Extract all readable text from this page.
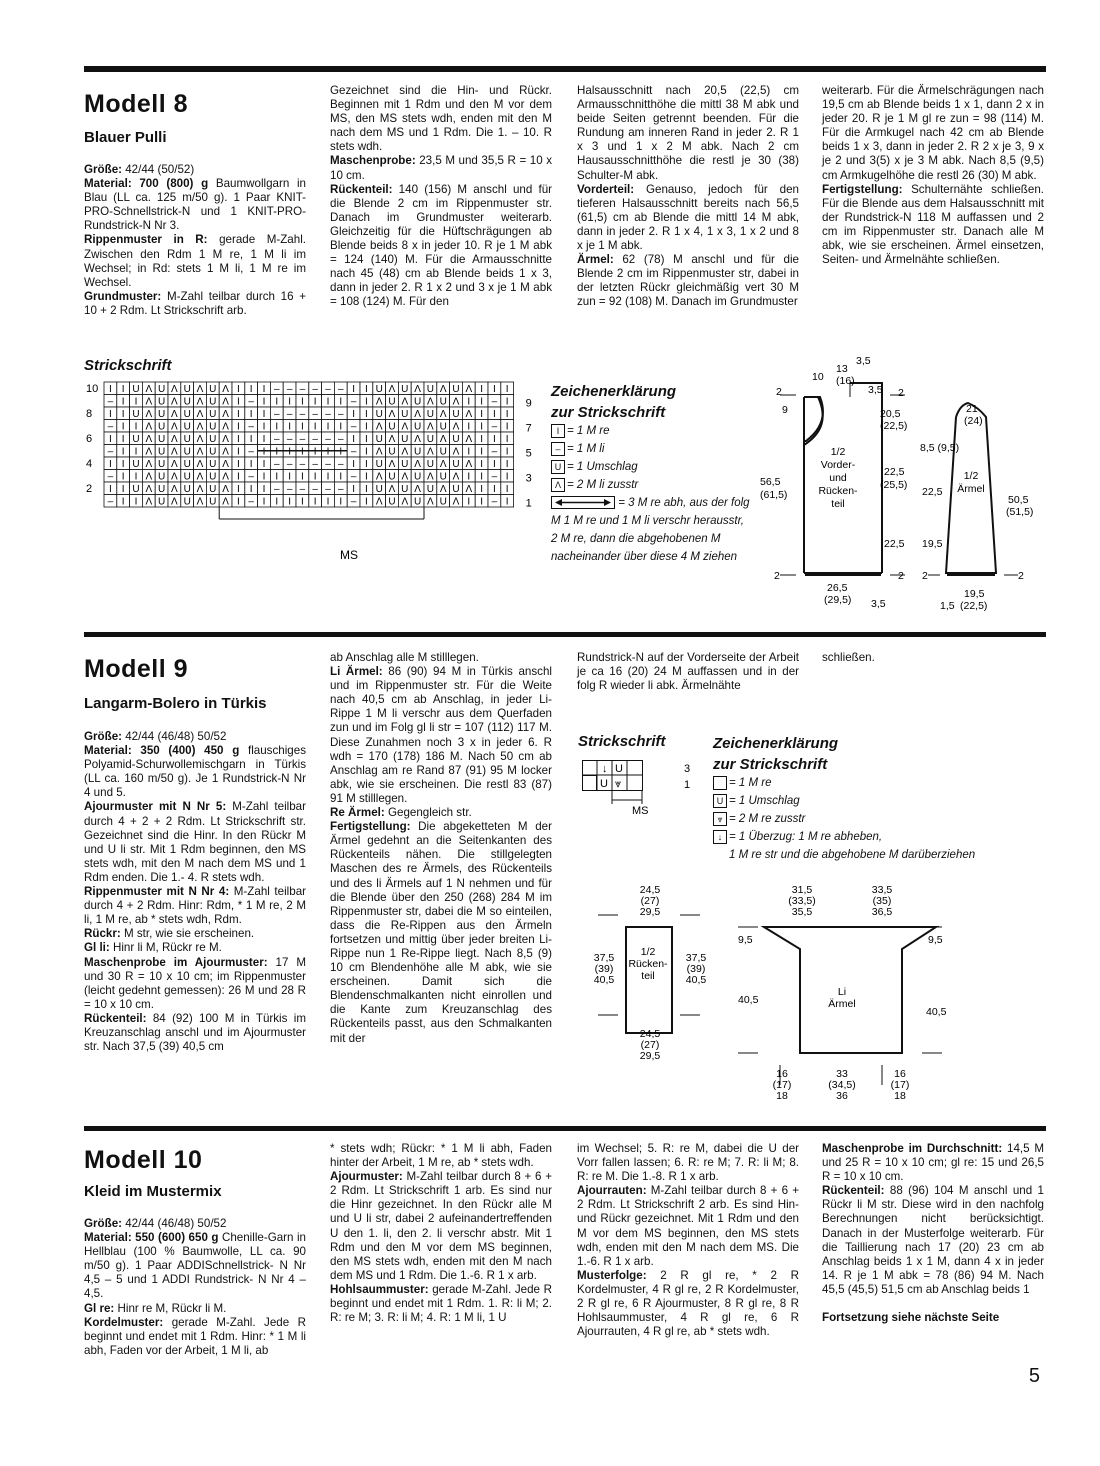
Modell 8
Blauer Pulli

Größe: 42/44 (50/52)

Material: 700 (800) g Baumwollgarn in Blau (LL ca. 125 m/50 g). 1 Paar KNIT-PRO-Schnellstrick-N und 1 KNIT-PRO-Rundstrick-N Nr 3.

Rippenmuster in R: gerade M-Zahl. Zwischen den Rdm 1 M re, 1 M li im Wechsel; in Rd: stets 1 M li, 1 M re im Wechsel.

Grundmuster: M-Zahl teilbar durch 16 + 10 + 2 Rdm. Lt Strickschrift arb.

Gezeichnet sind die Hin- und Rückr. Beginnen mit 1 Rdm und den M vor dem MS, den MS stets wdh, enden mit den M nach dem MS und 1 Rdm. Die 1. – 10. R stets wdh.

Maschenprobe: 23,5 M und 35,5 R = 10 x 10 cm.

Rückenteil: 140 (156) M anschl und für die Blende 2 cm im Rippenmuster str. Danach im Grundmuster weiterarb. Gleichzeitig für die Hüftschrägungen ab Blende beids 8 x in jeder 10. R je 1 M abk = 124 (140) M. Für die Armausschnitte nach 45 (48) cm ab Blende beids 1 x 3, dann in jeder 2. R 1 x 2 und 3 x je 1 M abk = 108 (124) M. Für den

Halsausschnitt nach 20,5 (22,5) cm Armausschnitthöhe die mittl 38 M abk und beide Seiten getrennt beenden. Für die Rundung am inneren Rand in jeder 2. R 1 x 3 und 1 x 2 M abk. Nach 2 cm Hausausschnitthöhe die restl je 30 (38) Schulter-M abk.

Vorderteil: Genauso, jedoch für den tieferen Halsausschnitt bereits nach 56,5 (61,5) cm ab Blende die mittl 14 M abk, dann in jeder 2. R 1 x 4, 1 x 3, 1 x 2 und 8 x je 1 M abk.

Ärmel: 62 (78) M anschl und für die Blende 2 cm im Rippenmuster str, dabei in der letzten Rückr gleichmäßig vert 30 M zun = 92 (108) M. Danach im Grundmuster

weiterarb. Für die Ärmelschrägungen nach 19,5 cm ab Blende beids 1 x 1, dann 2 x in jeder 20. R je 1 M gl re zun = 98 (114) M. Für die Armkugel nach 42 cm ab Blende beids 1 x 3, dann in jeder 2. R 2 x je 3, 9 x je 2 und 3(5) x je 3 M abk. Nach 8,5 (9,5) cm Armkugelhöhe die restl 26 (30) M abk.

Fertigstellung: Schulternähte schließen. Für die Blende aus dem Halsausschnitt mit der Rundstrick-N 118 M auffassen und 2 cm im Rippenmuster str. Danach alle M abk, wie sie erscheinen. Ärmel einsetzen, Seiten- und Ärmelnähte schließen.

Strickschrift
I I U Λ U Λ U Λ U Λ I I I – – – – – – I I U Λ U Λ U Λ U Λ I I I
– I I Λ U Λ U Λ U Λ I – I I I I I I I – I Λ U Λ U Λ U Λ I I – I
I I U Λ U Λ U Λ U Λ I I I – – – – – – I I U Λ U Λ U Λ U Λ I I I
– I I Λ U Λ U Λ U Λ I – I I I I I I I – I Λ U Λ U Λ U Λ I I – I
I I U Λ U Λ U Λ U Λ I I I – – – – – – I I U Λ U Λ U Λ U Λ I I I
– I I Λ U Λ U Λ U Λ I – I I I I I I I – I Λ U Λ U Λ U Λ I I – I
I I U Λ U Λ U Λ U Λ I I I – – – – – – I I U Λ U Λ U Λ U Λ I I I
– I I Λ U Λ U Λ U Λ I – I I I I I I I – I Λ U Λ U Λ U Λ I I – I
I I U Λ U Λ U Λ U Λ I I I – – – – – – I I U Λ U Λ U Λ U Λ I I I
– I I Λ U Λ U Λ U Λ I – I I I I I I I – I Λ U Λ U Λ U Λ I I – I
10
8
6
4
2
9
7
5
3
1
MS
Zeichenerklärung
zur Strickschrift
I = 1 M re
– = 1 M li
U = 1 Umschlag
Λ = 2 M li zusstr
= 3 M re abh, aus der folg M 1 M re und 1 M li verschr herausstr, 2 M re, dann die abgehobenen M nacheinander über diese 4 M ziehen
1/2 Vorder-und Rücken-teil
1/2 Ärmel
10
13
(16)
3,5
3,5 2
2
9	20,5
(22,5)
56,5
(61,5)
22,5
(25,5)
22,5
22,5 19,5
2	2 2	2
26,5
(29,5) 3,5
21
(24)
8,5 (9,5)
50,5
(51,5)
19,5
(22,5)
1,5
Modell 9
Langarm-Bolero in Türkis

Größe: 42/44 (46/48) 50/52

Material: 350 (400) 450 g flauschiges Polyamid-Schurwollemischgarn in Türkis (LL ca. 160 m/50 g). Je 1 Rundstrick-N Nr 4 und 5.

Ajourmuster mit N Nr 5: M-Zahl teilbar durch 4 + 2 + 2 Rdm. Lt Strickschrift str. Gezeichnet sind die Hinr. In den Rückr M und U li str. Mit 1 Rdm beginnen, den MS stets wdh, mit den M nach dem MS und 1 Rdm enden. Die 1.- 4. R stets wdh.

Rippenmuster mit N Nr 4: M-Zahl teilbar durch 4 + 2 Rdm. Hinr: Rdm, * 1 M re, 2 M li, 1 M re, ab * stets wdh, Rdm.

Rückr: M str, wie sie erscheinen.

Gl li: Hinr li M, Rückr re M.

Maschenprobe im Ajourmuster: 17 M und 30 R = 10 x 10 cm; im Rippenmuster (leicht gedehnt gemessen): 26 M und 28 R = 10 x 10 cm.

Rückenteil: 84 (92) 100 M in Türkis im Kreuzanschlag anschl und im Ajourmuster str. Nach 37,5 (39) 40,5 cm

ab Anschlag alle M stilllegen.

Li Ärmel: 86 (90) 94 M in Türkis anschl und im Rippenmuster str. Für die Weite nach 40,5 cm ab Anschlag, in jeder Li-Rippe 1 M li verschr aus dem Querfaden zun und im Folg gl li str = 107 (112) 117 M. Diese Zunahmen noch 3 x in jeder 6. R wdh = 170 (178) 186 M. Nach 50 cm ab Anschlag am re Rand 87 (91) 95 M locker abk, wie sie erscheinen. Die restl 83 (87) 91 M stilllegen.

Re Ärmel: Gegengleich str.

Fertigstellung: Die abgeketteten M der Ärmel gedehnt an die Seitenkanten des Rückenteils nähen. Die stillgelegten Maschen des re Ärmels, des Rückenteils und des li Ärmels auf 1 N nehmen und für die Blende über den 250 (268) 284 M im Rippenmuster str, dabei die M so einteilen, dass die Re-Rippen aus den Ärmeln fortsetzen und mittig über jeder breiten Li-Rippe nun 1 Re-Rippe liegt. Nach 8,5 (9) 10 cm Blendenhöhe alle M abk, wie sie erscheinen. Damit sich die Blendenschmalkanten nicht einrollen und die Kante zum Kreuzanschlag des Rückenteils passt, aus den Schmalkanten mit der

Rundstrick-N auf der Vorderseite der Arbeit je ca 16 (20) 24 M auffassen und in der folg R wieder li abk. Ärmelnähte

schließen.

Strickschrift
U
↓
U ⩔
3
1
MS
Zeichenerklärung
zur Strickschrift
= 1 M re
U = 1 Umschlag
⩔ = 2 M re zusstr
↓ = 1 Überzug: 1 M re abheben,
1 M re str und die abgehobene M darüberziehen
24,5 (27) 29,5
1/2 Rücken-teil
37,5 (39) 40,5
37,5 (39) 40,5
24,5 (27) 29,5
31,5 (33,5) 35,5
33,5 (35) 36,5
9,5	9,5
40,5
40,5
Li Ärmel
16 (17) 18
33 (34,5) 36
16 (17) 18
Modell 10
Kleid im Mustermix

Größe: 42/44 (46/48) 50/52

Material: 550 (600) 650 g Chenille-Garn in Hellblau (100 % Baumwolle, LL ca. 90 m/50 g). 1 Paar ADDISchnellstrick- N Nr 4,5 – 5 und 1 ADDI Rundstrick- N Nr 4 – 4,5.

Gl re: Hinr re M, Rückr li M.

Kordelmuster: gerade M-Zahl. Jede R beginnt und endet mit 1 Rdm. Hinr: * 1 M li abh, Faden vor der Arbeit, 1 M li, ab

* stets wdh; Rückr: * 1 M li abh, Faden hinter der Arbeit, 1 M re, ab * stets wdh.

Ajourmuster: M-Zahl teilbar durch 8 + 6 + 2 Rdm. Lt Strickschrift 1 arb. Es sind nur die Hinr gezeichnet. In den Rückr alle M und U li str, dabei 2 aufeinandertreffenden U den 1. li, den 2. li verschr abstr. Mit 1 Rdm und den M vor dem MS beginnen, den MS stets wdh, enden mit den M nach dem MS und 1 Rdm. Die 1.-6. R 1 x arb.

Hohlsaummuster: gerade M-Zahl. Jede R beginnt und endet mit 1 Rdm. 1. R: li M; 2. R: re M; 3. R: li M; 4. R: 1 M li, 1 U

im Wechsel; 5. R: re M, dabei die U der Vorr fallen lassen; 6. R: re M; 7. R: li M; 8. R: re M. Die 1.-8. R 1 x arb.

Ajourrauten: M-Zahl teilbar durch 8 + 6 + 2 Rdm. Lt Strickschrift 2 arb. Es sind Hin- und Rückr gezeichnet. Mit 1 Rdm und den M vor dem MS beginnen, den MS stets wdh, enden mit den M nach dem MS. Die 1.-6. R 1 x arb.

Musterfolge: 2 R gl re, * 2 R Kordelmuster, 4 R gl re, 2 R Kordelmuster, 2 R gl re, 6 R Ajourmuster, 8 R gl re, 8 R Hohlsaummuster, 4 R gl re, 6 R Ajourrauten, 4 R gl re, ab * stets wdh.

Maschenprobe im Durchschnitt: 14,5 M und 25 R = 10 x 10 cm; gl re: 15 und 26,5 R = 10 x 10 cm.

Rückenteil: 88 (96) 104 M anschl und 1 Rückr li M str. Diese wird in den nachfolg Berechnungen nicht berücksichtigt. Danach in der Musterfolge weiterarb. Für die Taillierung nach 17 (20) 23 cm ab Anschlag beids 1 x 1 M, dann 4 x in jeder 14. R je 1 M abk = 78 (86) 94 M. Nach 45,5 (45,5) 51,5 cm ab Anschlag beids 1

Fortsetzung siehe nächste Seite

5
